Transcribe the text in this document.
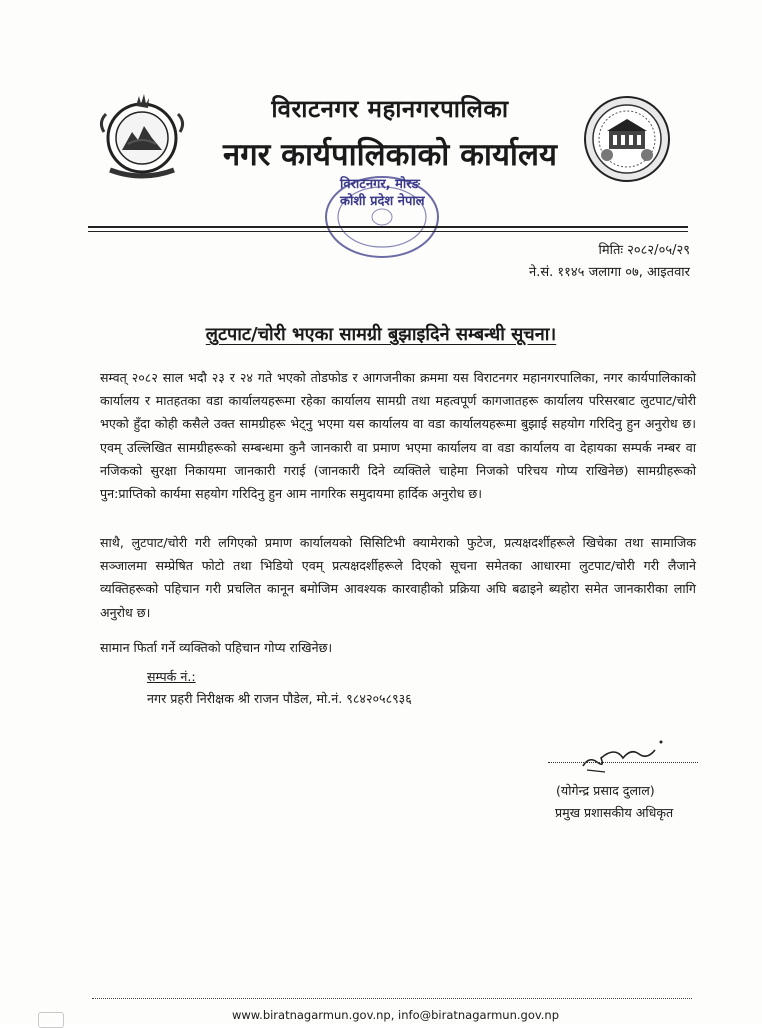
विराटनगर महानगरपालिका
नगर कार्यपालिकाको कार्यालय
विराटनगर, मोरङ
कोशी प्रदेश नेपाल
मितिः २०८२/०५/२९
ने.सं. ११४५ जलागा ०७, आइतवार
लुटपाट/चोरी भएका सामग्री बुझाइदिने सम्बन्धी सूचना।
सम्वत् २०८२ साल भदौ २३ र २४ गते भएको तोडफोड र आगजनीका क्रममा यस विराटनगर महानगरपालिका, नगर कार्यपालिकाको कार्यालय र मातहतका वडा कार्यालयहरूमा रहेका कार्यालय सामग्री तथा महत्वपूर्ण कागजातहरू कार्यालय परिसरबाट लुटपाट/चोरी भएको हुँदा कोही कसैले उक्त सामग्रीहरू भेट्नु भएमा यस कार्यालय वा वडा कार्यालयहरूमा बुझाई सहयोग गरिदिनु हुन अनुरोध छ। एवम् उल्लिखित सामग्रीहरूको सम्बन्धमा कुनै जानकारी वा प्रमाण भएमा कार्यालय वा वडा कार्यालय वा देहायका सम्पर्क नम्बर वा नजिकको सुरक्षा निकायमा जानकारी गराई (जानकारी दिने व्यक्तिले चाहेमा निजको परिचय गोप्य राखिनेछ) सामग्रीहरूको पुन:प्राप्तिको कार्यमा सहयोग गरिदिनु हुन आम नागरिक समुदायमा हार्दिक अनुरोध छ।
साथै, लुटपाट/चोरी गरी लगिएको प्रमाण कार्यालयको सिसिटिभी क्यामेराको फुटेज, प्रत्यक्षदर्शीहरूले खिचेका तथा सामाजिक सञ्जालमा सम्प्रेषित फोटो तथा भिडियो एवम् प्रत्यक्षदर्शीहरूले दिएको सूचना समेतका आधारमा लुटपाट/चोरी गरी लैजाने व्यक्तिहरूको पहिचान गरी प्रचलित कानून बमोजिम आवश्यक कारवाहीको प्रक्रिया अघि बढाइने ब्यहोरा समेत जानकारीका लागि अनुरोध छ।
सामान फिर्ता गर्ने व्यक्तिको पहिचान गोप्य राखिनेछ।
सम्पर्क नं.:
नगर प्रहरी निरीक्षक श्री राजन पौडेल, मो.नं. ९८४२०५८९३६
(योगेन्द्र प्रसाद दुलाल)
प्रमुख प्रशासकीय अधिकृत
www.biratnagarmun.gov.np, info@biratnagarmun.gov.np
